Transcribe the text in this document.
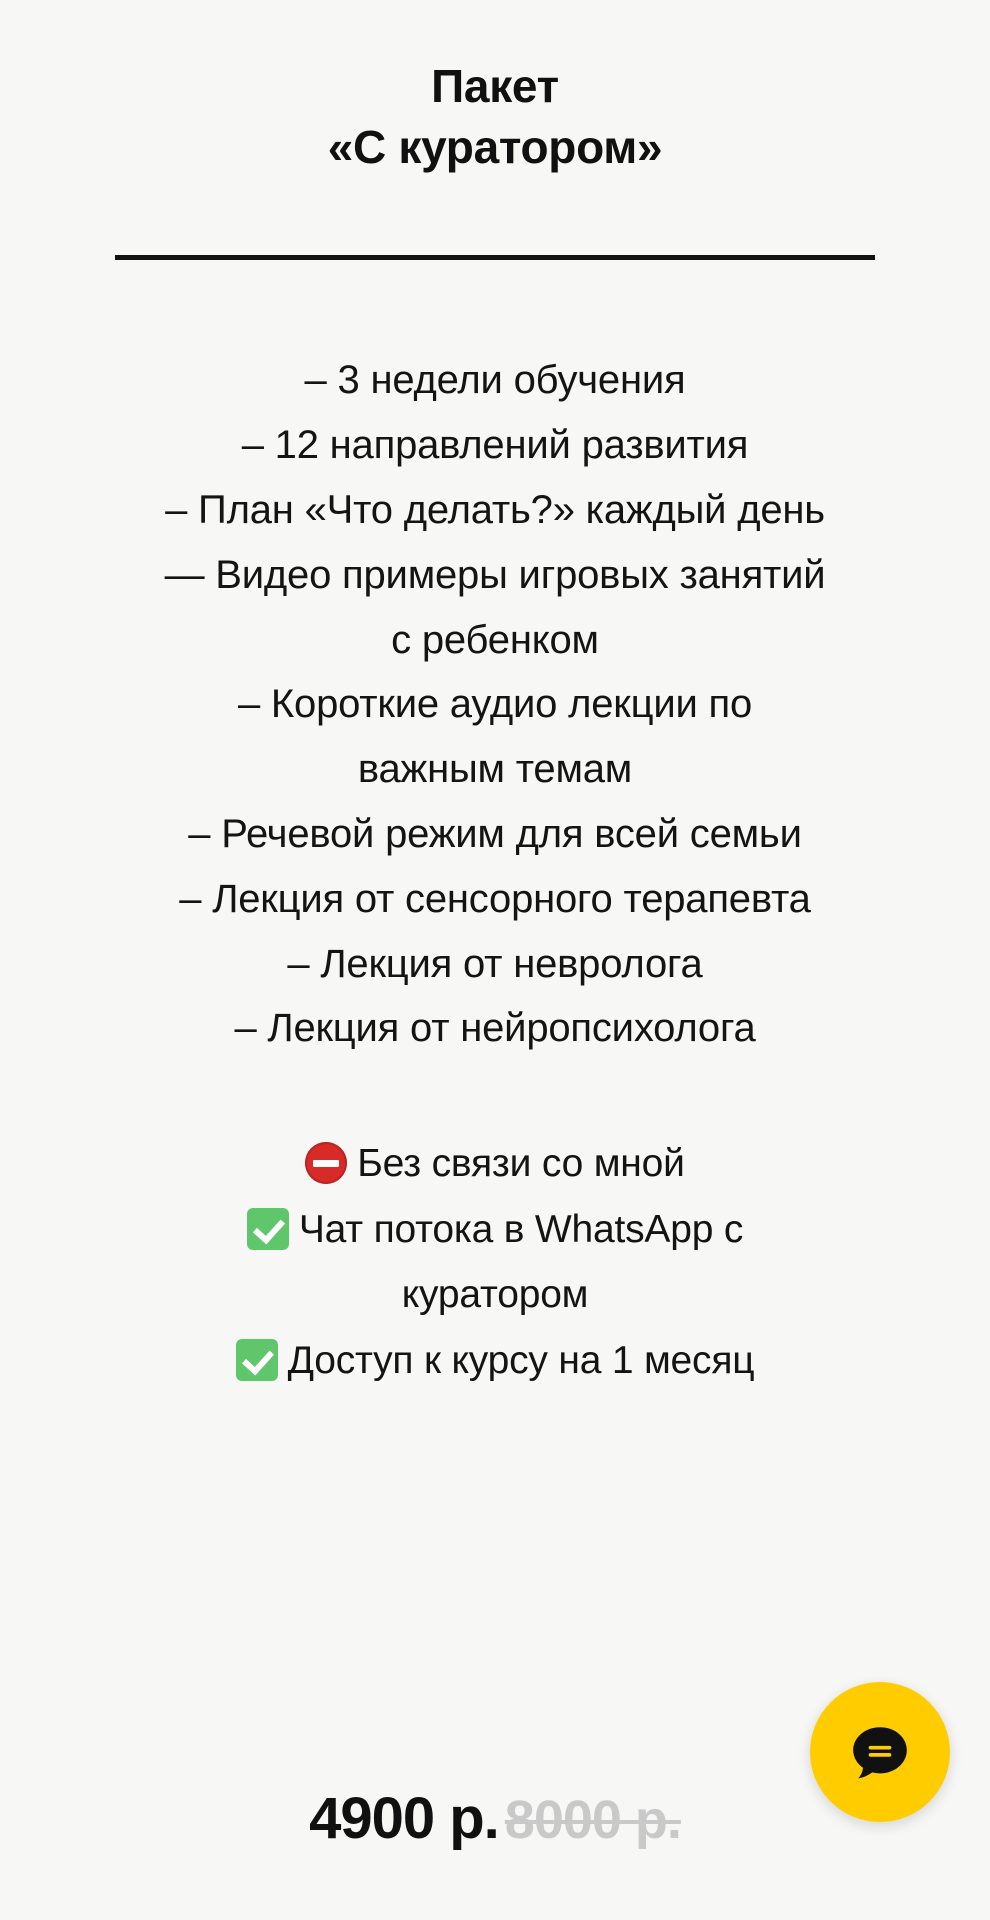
Пакет
«С куратором»
– 3 недели обучения
– 12 направлений развития
– План «Что делать?» каждый день
— Видео примеры игровых занятий
с ребенком
– Короткие аудио лекции по
важным темам
– Речевой режим для всей семьи
– Лекция от сенсорного терапевта
– Лекция от невролога
– Лекция от нейропсихолога
Без связи со мной
Чат потока в WhatsApp с
куратором
Доступ к курсу на 1 месяц
4900 р. 8000 р.
